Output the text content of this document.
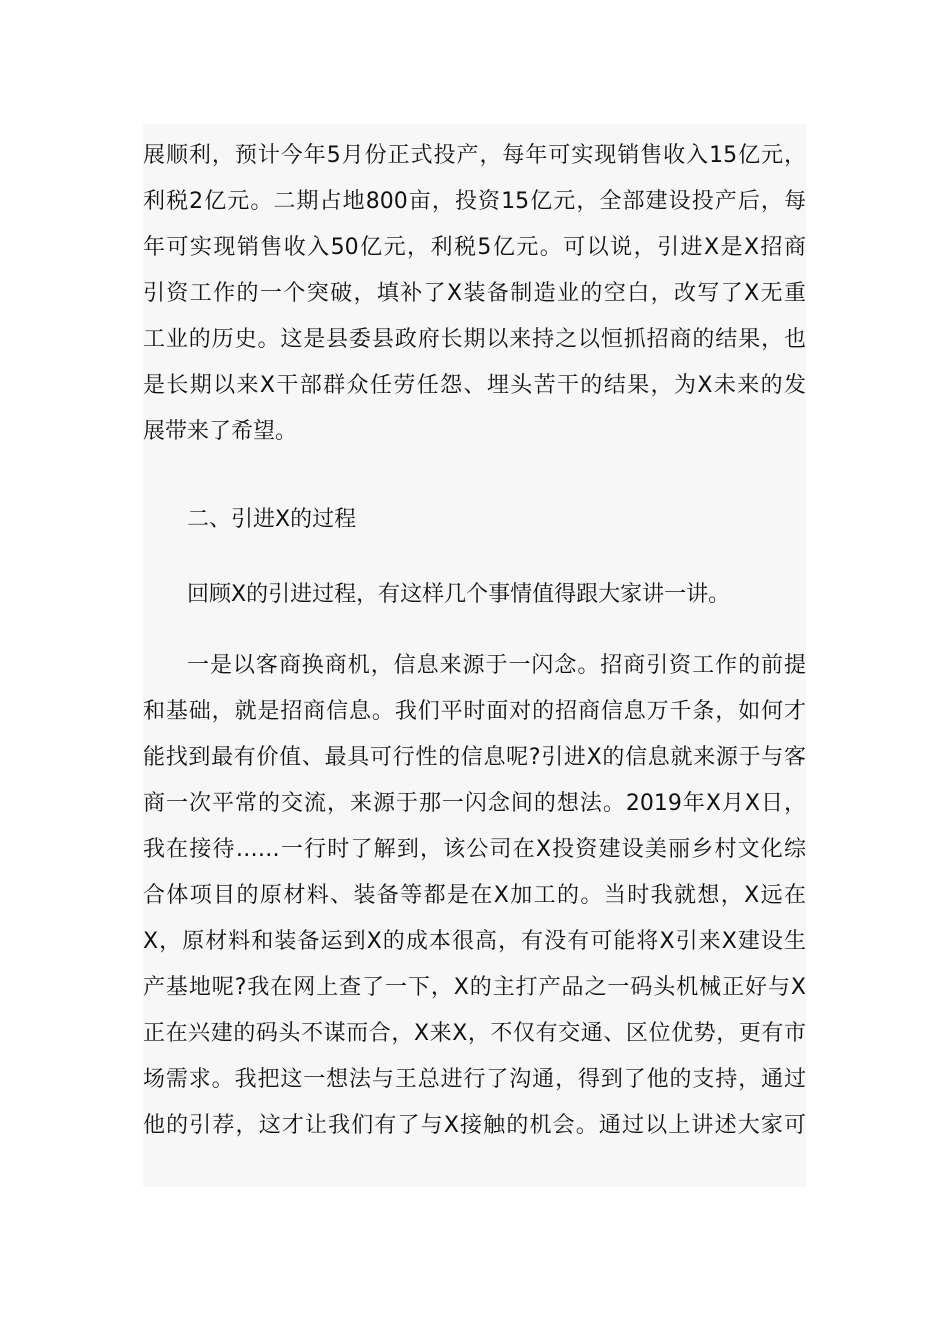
展顺利，预计今年5月份正式投产，每年可实现销售收入15亿元，
利税2亿元。二期占地800亩，投资15亿元，全部建设投产后，每
年可实现销售收入50亿元，利税5亿元。可以说，引进X是X招商
引资工作的一个突破，填补了X装备制造业的空白，改写了X无重
工业的历史。这是县委县政府长期以来持之以恒抓招商的结果，也
是长期以来X干部群众任劳任怨、埋头苦干的结果，为X未来的发
展带来了希望。
二、引进X的过程
回顾X的引进过程，有这样几个事情值得跟大家讲一讲。
一是以客商换商机，信息来源于一闪念。招商引资工作的前提
和基础，就是招商信息。我们平时面对的招商信息万千条，如何才
能找到最有价值、最具可行性的信息呢?引进X的信息就来源于与客
商一次平常的交流，来源于那一闪念间的想法。2019年X月X日，
我在接待……一行时了解到，该公司在X投资建设美丽乡村文化综
合体项目的原材料、装备等都是在X加工的。当时我就想，X远在
X，原材料和装备运到X的成本很高，有没有可能将X引来X建设生
产基地呢?我在网上查了一下，X的主打产品之一码头机械正好与X
正在兴建的码头不谋而合，X来X，不仅有交通、区位优势，更有市
场需求。我把这一想法与王总进行了沟通，得到了他的支持，通过
他的引荐，这才让我们有了与X接触的机会。通过以上讲述大家可
